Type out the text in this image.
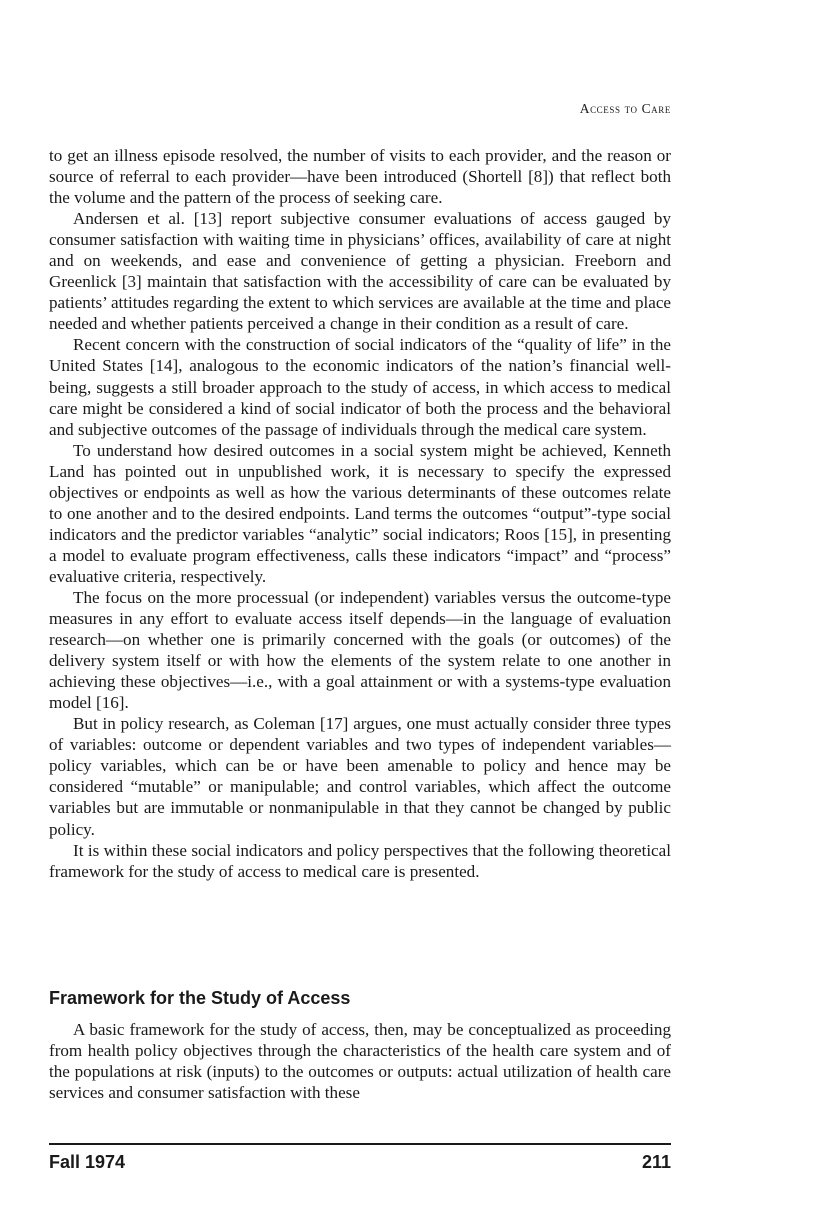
Access to Care

to get an illness episode resolved, the number of visits to each provider, and the reason or source of referral to each provider—have been introduced (Shortell [8]) that reflect both the volume and the pattern of the process of seeking care.

Andersen et al. [13] report subjective consumer evaluations of access gauged by consumer satisfaction with waiting time in physicians’ offices, availability of care at night and on weekends, and ease and convenience of getting a physician. Freeborn and Greenlick [3] maintain that satisfaction with the accessibility of care can be evaluated by patients’ attitudes regarding the extent to which services are available at the time and place needed and whether patients perceived a change in their condition as a result of care.

Recent concern with the construction of social indicators of the “quality of life” in the United States [14], analogous to the economic indicators of the nation’s financial well-being, suggests a still broader approach to the study of access, in which access to medical care might be considered a kind of social indicator of both the process and the behavioral and subjective outcomes of the passage of individuals through the medical care system.

To understand how desired outcomes in a social system might be achieved, Kenneth Land has pointed out in unpublished work, it is necessary to specify the expressed objectives or endpoints as well as how the various determinants of these outcomes relate to one another and to the desired endpoints. Land terms the outcomes “output”-type social indicators and the predictor variables “analytic” social indicators; Roos [15], in presenting a model to evaluate program effectiveness, calls these indicators “impact” and “process” evaluative criteria, respectively.

The focus on the more processual (or independent) variables versus the outcome-type measures in any effort to evaluate access itself depends—in the language of evaluation research—on whether one is primarily concerned with the goals (or outcomes) of the delivery system itself or with how the elements of the system relate to one another in achieving these objectives—i.e., with a goal attainment or with a systems-type evaluation model [16].

But in policy research, as Coleman [17] argues, one must actually consider three types of variables: outcome or dependent variables and two types of independent variables—policy variables, which can be or have been amenable to policy and hence may be considered “mutable” or manipulable; and control variables, which affect the outcome variables but are immutable or nonmanipulable in that they cannot be changed by public policy.

It is within these social indicators and policy perspectives that the following theoretical framework for the study of access to medical care is presented.

Framework for the Study of Access

A basic framework for the study of access, then, may be conceptualized as proceeding from health policy objectives through the characteristics of the health care system and of the populations at risk (inputs) to the outcomes or outputs: actual utilization of health care services and consumer satisfaction with these

Fall 1974	211
